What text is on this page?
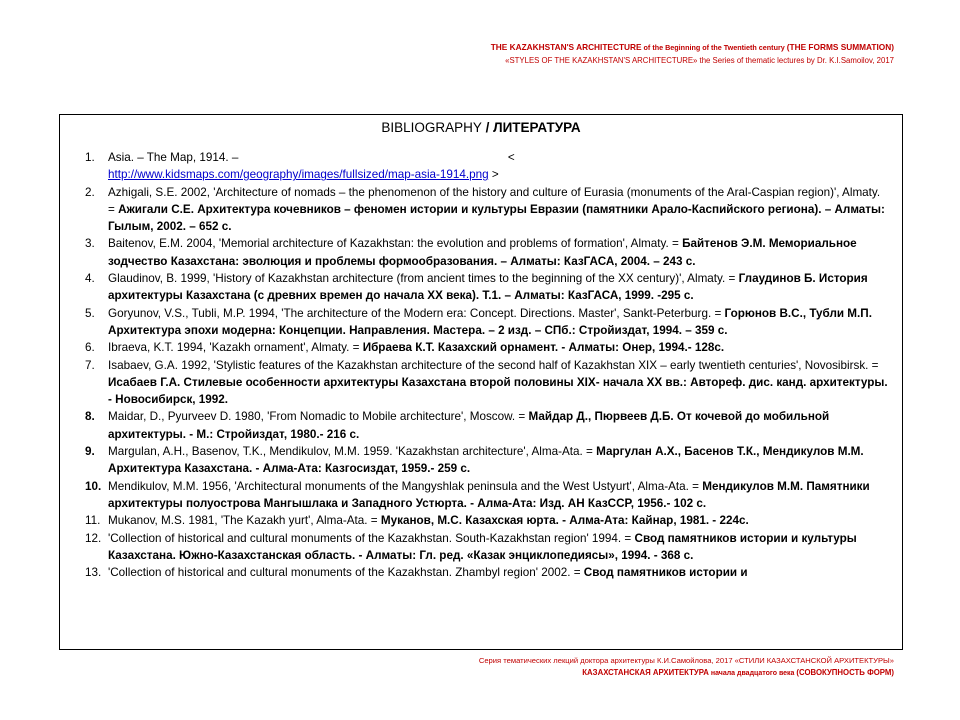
THE KAZAKHSTAN'S ARCHITECTURE of the Beginning of the Twentieth century (THE FORMS SUMMATION)
«STYLES OF THE KAZAKHSTAN'S ARCHITECTURE» the Series of thematic lectures by Dr. K.I.Samoilov, 2017
BIBLIOGRAPHY / ЛИТЕРАТУРА
1. Asia. – The Map, 1914. –                                                                                   <
http://www.kidsmaps.com/geography/images/fullsized/map-asia-1914.png >
2. Azhigali, S.E. 2002, 'Architecture of nomads – the phenomenon of the history and culture of Eurasia (monuments of the Aral-Caspian region)', Almaty. = Ажигали С.Е. Архитектура кочевников – феномен истории и культуры Евразии (памятники Арало-Каспийского региона). – Алматы: Гылым, 2002. – 652 с.
3. Baitenov, E.M. 2004, 'Memorial architecture of Kazakhstan: the evolution and problems of formation', Almaty. = Байтенов Э.М. Мемориальное зодчество Казахстана: эволюция и проблемы формообразования. – Алматы: КазГАСА, 2004. – 243 с.
4. Glaudinov, B. 1999, 'History of Kazakhstan architecture (from ancient times to the beginning of the XX century)', Almaty. = Глаудинов Б. История архитектуры Казахстана (с древних времен до начала ХХ века). Т.1. – Алматы: КазГАСА, 1999. -295 с.
5. Goryunov, V.S., Tubli, M.P. 1994, 'The architecture of the Modern era: Concept. Directions. Master', Sankt-Peterburg. = Горюнов В.С., Тубли М.П. Архитектура эпохи модерна: Концепции. Направления. Мастера. – 2 изд. – СПб.: Стройиздат, 1994. – 359 с.
6. Ibraeva, K.T. 1994, 'Kazakh ornament', Almaty. = Ибраева К.Т. Казахский орнамент. - Алматы: Онер, 1994.- 128с.
7. Isabaev, G.A. 1992, 'Stylistic features of the Kazakhstan architecture of the second half of Kazakhstan XIX – early twentieth centuries', Novosibirsk. = Исабаев Г.А. Стилевые особенности архитектуры Казахстана второй половины XIX- начала ХХ вв.: Автореф. дис. канд. архитектуры. - Новосибирск, 1992.
8. Maidar, D., Pyurveev D. 1980, 'From Nomadic to Mobile architecture', Moscow. = Майдар Д., Пюрвеев Д.Б. От кочевой до мобильной архитектуры. - М.: Стройиздат, 1980.- 216 с.
9. Margulan, A.H., Basenov, T.K., Mendikulov, M.M. 1959. 'Kazakhstan architecture', Alma-Ata. = Маргулан А.Х., Басенов Т.К., Мендикулов М.М. Архитектура Казахстана. - Алма-Ата: Казгосиздат, 1959.- 259 с.
10. Mendikulov, M.M. 1956, 'Architectural monuments of the Mangyshlak peninsula and the West Ustyurt', Alma-Ata. = Мендикулов М.М. Памятники архитектуры полуострова Мангышлака и Западного Устюрта. - Алма-Ата: Изд. АН КазССР, 1956.- 102 с.
11. Mukanov, M.S. 1981, 'The Kazakh yurt', Alma-Ata. = Муканов, М.С. Казахская юрта. - Алма-Ата: Кайнар, 1981. - 224с.
12. 'Collection of historical and cultural monuments of the Kazakhstan. South-Kazakhstan region' 1994. = Свод памятников истории и культуры Казахстана. Южно-Казахстанская область. - Алматы: Гл. ред. «Казак энциклопедиясы», 1994. - 368 с.
13. 'Collection of historical and cultural monuments of the Kazakhstan. Zhambyl region' 2002. = Свод памятников истории и
Серия тематических лекций доктора архитектуры К.И.Самойлова, 2017 «СТИЛИ КАЗАХСТАНСКОЙ АРХИТЕКТУРЫ»
КАЗАХСТАНСКАЯ АРХИТЕКТУРА начала двадцатого века (СОВОКУПНОСТЬ ФОРМ)
